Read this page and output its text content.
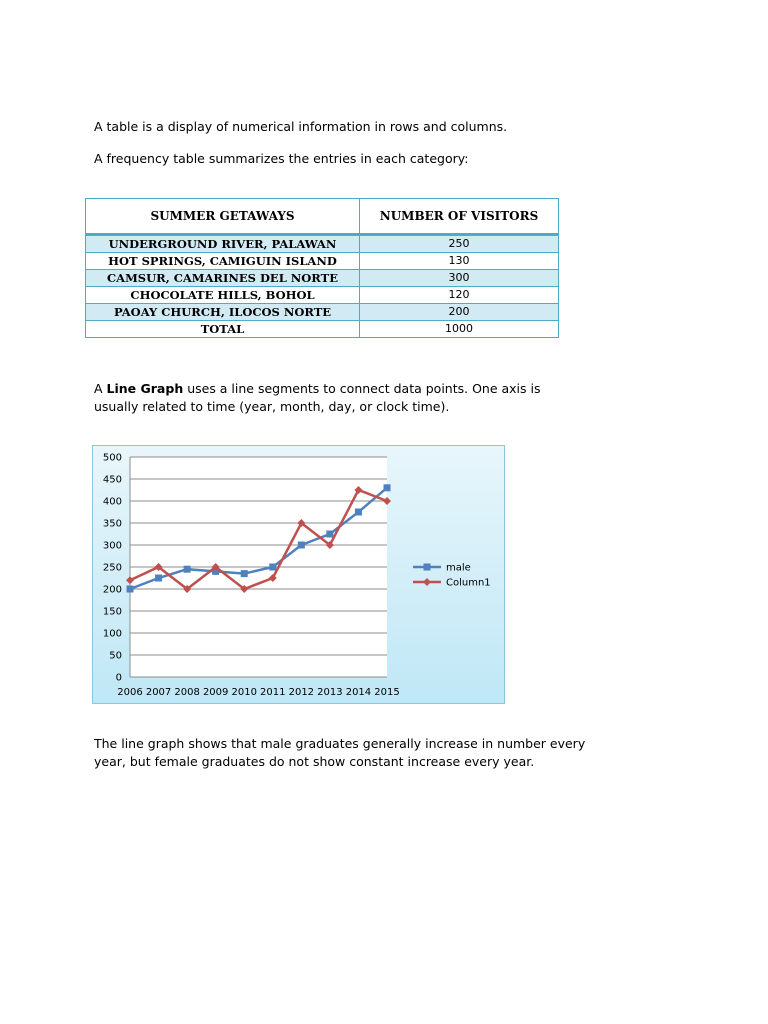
A table is a display of numerical information in rows and columns.

A frequency table summarizes the entries in each category:

SUMMER GETAWAYS	NUMBER OF VISITORS
UNDERGROUND RIVER, PALAWAN	250
HOT SPRINGS, CAMIGUIN ISLAND	130
CAMSUR, CAMARINES DEL NORTE	300
CHOCOLATE HILLS, BOHOL	120
PAOAY CHURCH, ILOCOS NORTE	200
TOTAL	1000

A Line Graph uses a line segments to connect data points. One axis is usually related to time (year, month, day, or clock time).

0
50
100
150
200
250
300
350
400
450
500
2006 2007 2008 2009 2010 2011 2012 2013 2014 2015
male
Column1

The line graph shows that male graduates generally increase in number every year, but female graduates do not show constant increase every year.
